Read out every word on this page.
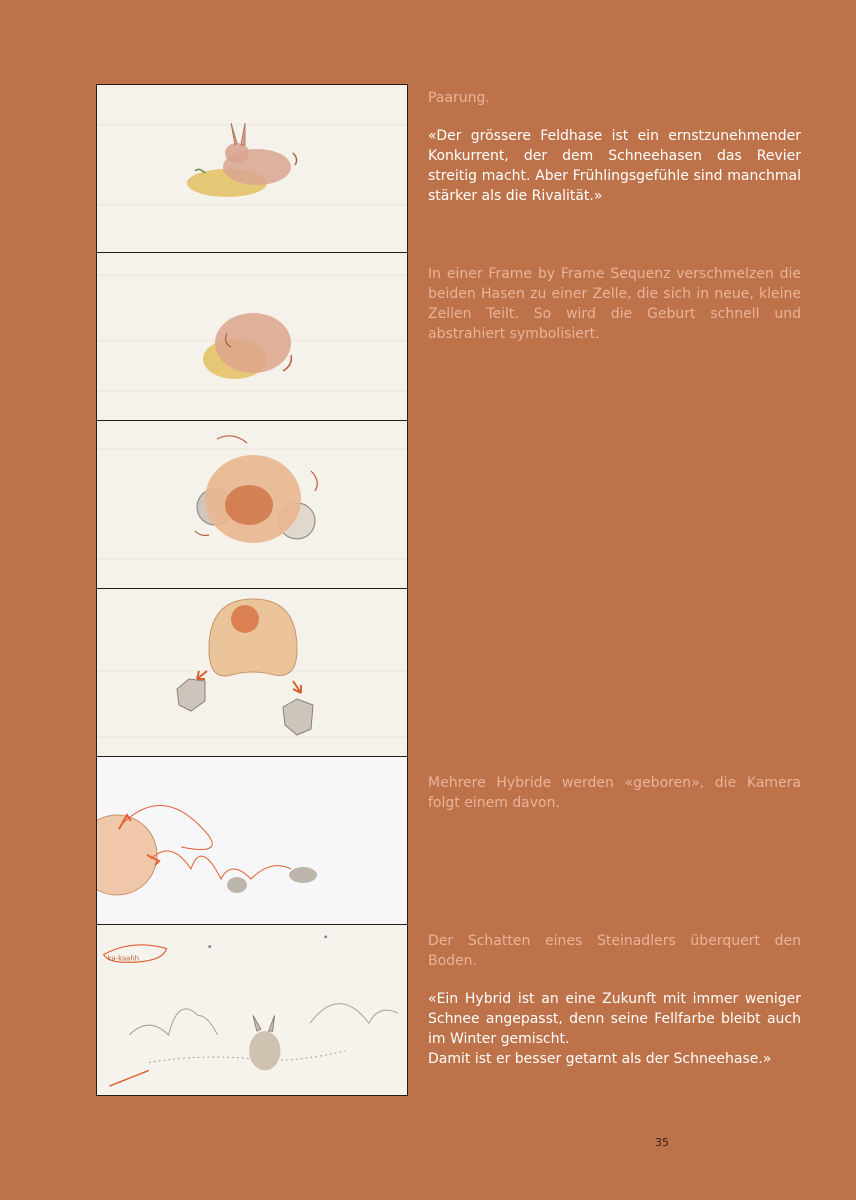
ka-kaahh
Paarung.
«Der grössere Feldhase ist ein ernstzunehmender Konkurrent, der dem Schneehasen das Revier streitig macht. Aber Frühlingsgefühle sind manchmal stärker als die Rivalität.»
In einer Frame by Frame Sequenz verschmelzen die beiden Hasen zu einer Zelle, die sich in neue, kleine Zellen Teilt. So wird die Geburt schnell und abstrahiert symbolisiert.
Mehrere Hybride werden «geboren», die Kamera folgt einem davon.
Der Schatten eines Steinadlers überquert den Boden.
«Ein Hybrid ist an eine Zukunft mit immer weniger Schnee angepasst, denn seine Fellfarbe bleibt auch im Winter gemischt.
Damit ist er besser getarnt als der Schneehase.»
35
